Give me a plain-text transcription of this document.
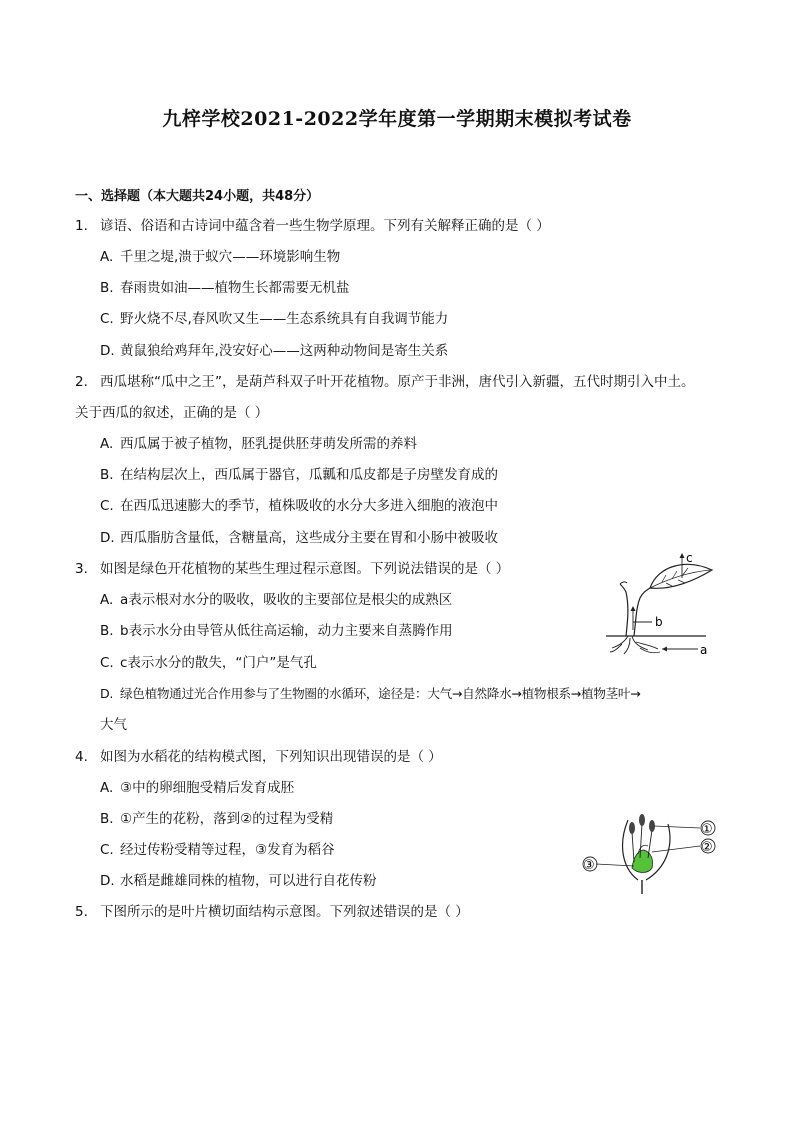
九梓学校2021-2022学年度第一学期期末模拟考试卷
一、选择题（本大题共24小题，共48分）
1. 谚语、俗语和古诗词中蕴含着一些生物学原理。下列有关解释正确的是（ ）
A. 千里之堤,溃于蚁穴——环境影响生物
B. 春雨贵如油——植物生长都需要无机盐
C. 野火烧不尽,春风吹又生——生态系统具有自我调节能力
D. 黄鼠狼给鸡拜年,没安好心——这两种动物间是寄生关系
2. 西瓜堪称“瓜中之王”，是葫芦科双子叶开花植物。原产于非洲，唐代引入新疆，五代时期引入中土。
关于西瓜的叙述，正确的是（ ）
A. 西瓜属于被子植物，胚乳提供胚芽萌发所需的养料
B. 在结构层次上，西瓜属于器官，瓜瓤和瓜皮都是子房壁发育成的
C. 在西瓜迅速膨大的季节，植株吸收的水分大多进入细胞的液泡中
D. 西瓜脂肪含量低，含糖量高，这些成分主要在胃和小肠中被吸收
3. 如图是绿色开花植物的某些生理过程示意图。下列说法错误的是（ ）
A. a表示根对水分的吸收，吸收的主要部位是根尖的成熟区
B. b表示水分由导管从低往高运输，动力主要来自蒸腾作用
C. c表示水分的散失，“门户”是气孔
D. 绿色植物通过光合作用参与了生物圈的水循环，途径是：大气→自然降水→植物根系→植物茎叶→
大气
a
b
c
4. 如图为水稻花的结构模式图，下列知识出现错误的是（ ）
A. ③中的卵细胞受精后发育成胚
B. ①产生的花粉，落到②的过程为受精
C. 经过传粉受精等过程，③发育为稻谷
D. 水稻是雌雄同株的植物，可以进行自花传粉
①
②
③
5. 下图所示的是叶片横切面结构示意图。下列叙述错误的是（ ）
